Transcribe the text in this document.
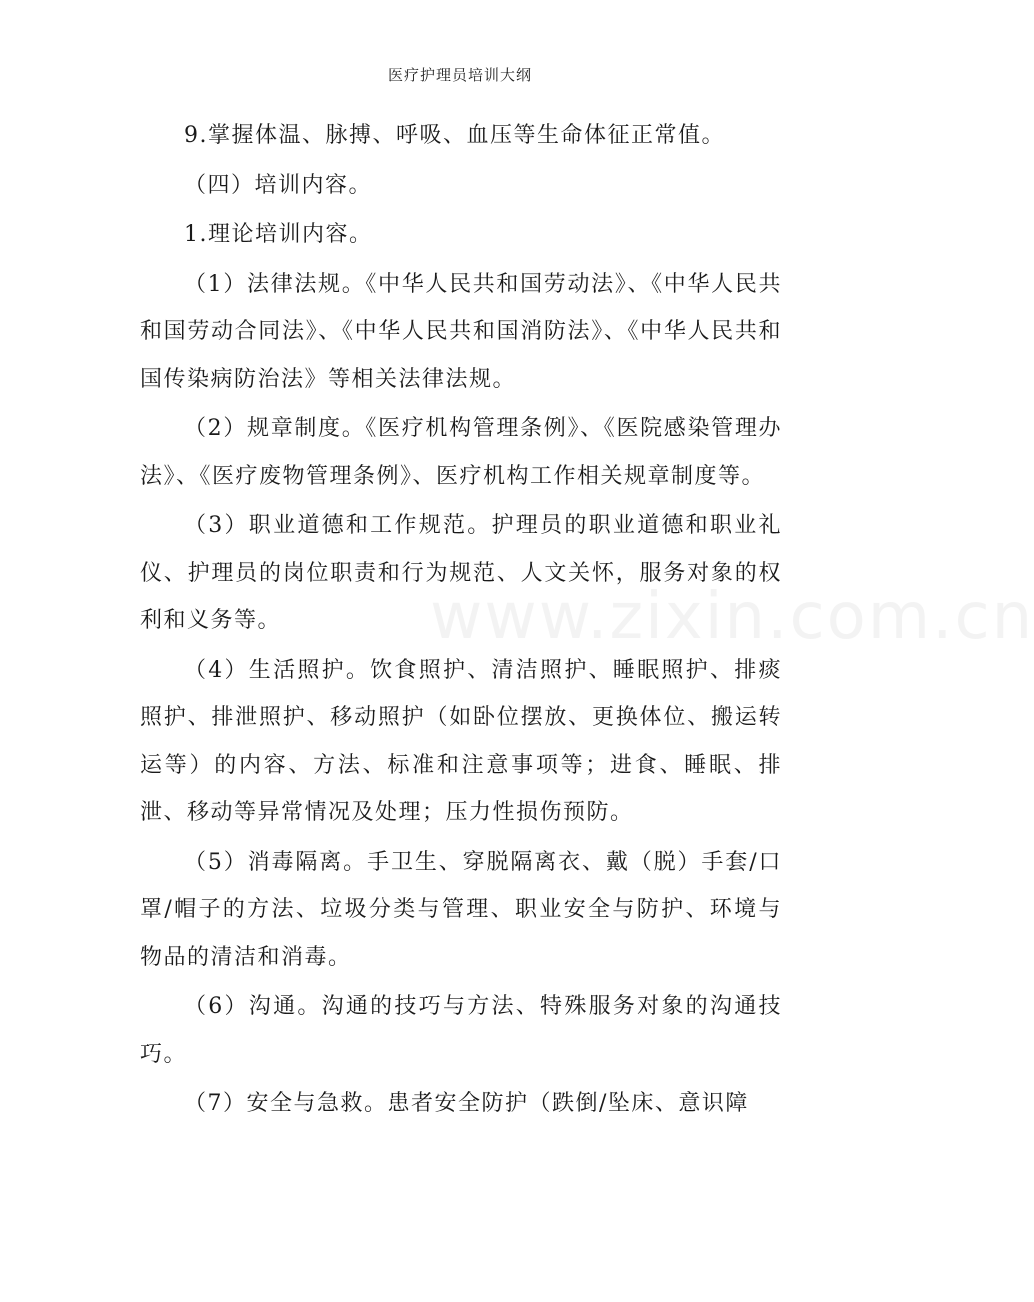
医疗护理员培训大纲
www.zixin.com.cn

9.掌握体温、脉搏、呼吸、血压等生命体征正常值。

（四）培训内容。

1.理论培训内容。

（1）法律法规。《中华人民共和国劳动法》、《中华人民共和国劳动合同法》、《中华人民共和国消防法》、《中华人民共和国传染病防治法》等相关法律法规。

（2）规章制度。《医疗机构管理条例》、《医院感染管理办法》、《医疗废物管理条例》、医疗机构工作相关规章制度等。

（3）职业道德和工作规范。护理员的职业道德和职业礼仪、护理员的岗位职责和行为规范、人文关怀，服务对象的权利和义务等。

（4）生活照护。饮食照护、清洁照护、睡眠照护、排痰照护、排泄照护、移动照护（如卧位摆放、更换体位、搬运转运等）的内容、方法、标准和注意事项等；进食、睡眠、排泄、移动等异常情况及处理；压力性损伤预防。

（5）消毒隔离。手卫生、穿脱隔离衣、戴（脱）手套/口罩/帽子的方法、垃圾分类与管理、职业安全与防护、环境与物品的清洁和消毒。

（6）沟通。沟通的技巧与方法、特殊服务对象的沟通技巧。

（7）安全与急救。患者安全防护（跌倒/坠床、意识障
